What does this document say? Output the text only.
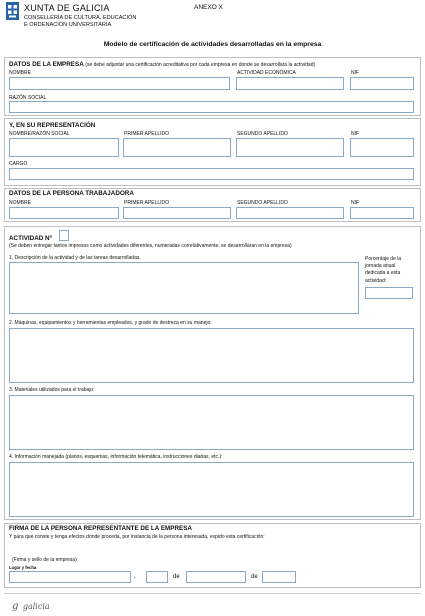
XUNTA DE GALICIA
CONSELLERÍA DE CULTURA, EDUCACIÓN
E ORDENACIÓN UNIVERSITARIA
ANEXO X
Modelo de certificación de actividades desarrolladas en la empresa
DATOS DE LA EMPRESA (se debe adjuntar una certificación acreditativa por cada empresa en donde se desarrollara la actividad)
NOMBRE	ACTIVIDAD ECONÓMICA	NIF
RAZÓN SOCIAL
Y, EN SU REPRESENTACIÓN
NOMBRE/RAZÓN SOCIAL	PRIMER APELLIDO	SEGUNDO APELLIDO	NIF
CARGO
DATOS DE LA PERSONA TRABAJADORA
NOMBRE	PRIMER APELLIDO	SEGUNDO APELLIDO	NIF
ACTIVIDAD Nº
(Se deben entregar tantos impresos como actividades diferentes, numeradas correlativamente, se desarrollaran en la empresa)
1. Descripción de la actividad y de las tareas desarrolladas.	Porcentaje de la
jornada anual
dedicada a esta
actividad:
2. Máquinas, equipamientos y herramientas empleados, y grado de destreza en su manejo:
3. Materiales utilizados para el trabajo:
4. Información manejada (planos, esquemas, información telemática, instrucciones diarias, etc.):
FIRMA DE LA PERSONA REPRESENTANTE DE LA EMPRESA
Y para que conste y tenga efectos donde proceda, por instancia de la persona interesada, expido esta certificación:
(Firma y sello de la empresa)
Lugar y fecha
,	de	de
𝑔 galicia
